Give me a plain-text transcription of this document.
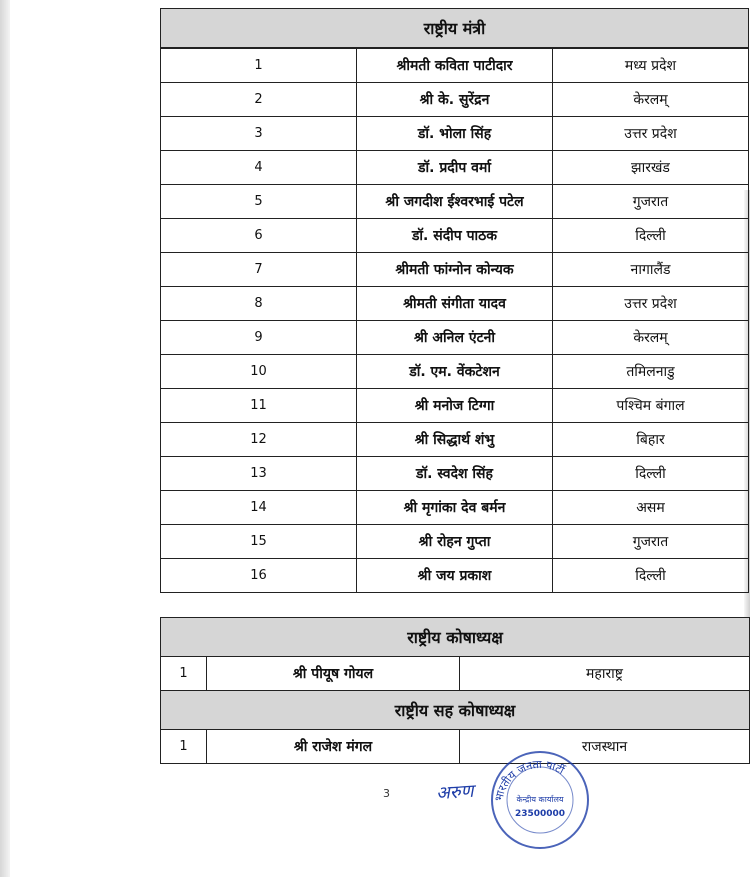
राष्ट्रीय मंत्री		

1	श्रीमती कविता पाटीदार	मध्य प्रदेश
2	श्री के. सुरेंद्रन	केरलम्
3	डॉ. भोला सिंह	उत्तर प्रदेश
4	डॉ. प्रदीप वर्मा	झारखंड
5	श्री जगदीश ईश्वरभाई पटेल	गुजरात
6	डॉ. संदीप पाठक	दिल्ली
7	श्रीमती फांग्नोन कोन्यक	नागालैंड
8	श्रीमती संगीता यादव	उत्तर प्रदेश
9	श्री अनिल एंटनी	केरलम्
10	डॉ. एम. वेंकटेशन	तमिलनाडु
11	श्री मनोज टिग्गा	पश्चिम बंगाल
12	श्री सिद्धार्थ शंभु	बिहार
13	डॉ. स्वदेश सिंह	दिल्ली
14	श्री मृगांका देव बर्मन	असम
15	श्री रोहन गुप्ता	गुजरात
16	श्री जय प्रकाश	दिल्ली

राष्ट्रीय कोषाध्यक्ष		
1	श्री पीयूष गोयल	महाराष्ट्र
राष्ट्रीय सह कोषाध्यक्ष		
1	श्री राजेश मंगल	राजस्थान
3	अरुण भारतीय जनता पार्टी
केन्द्रीय कार्यालय
23500000
